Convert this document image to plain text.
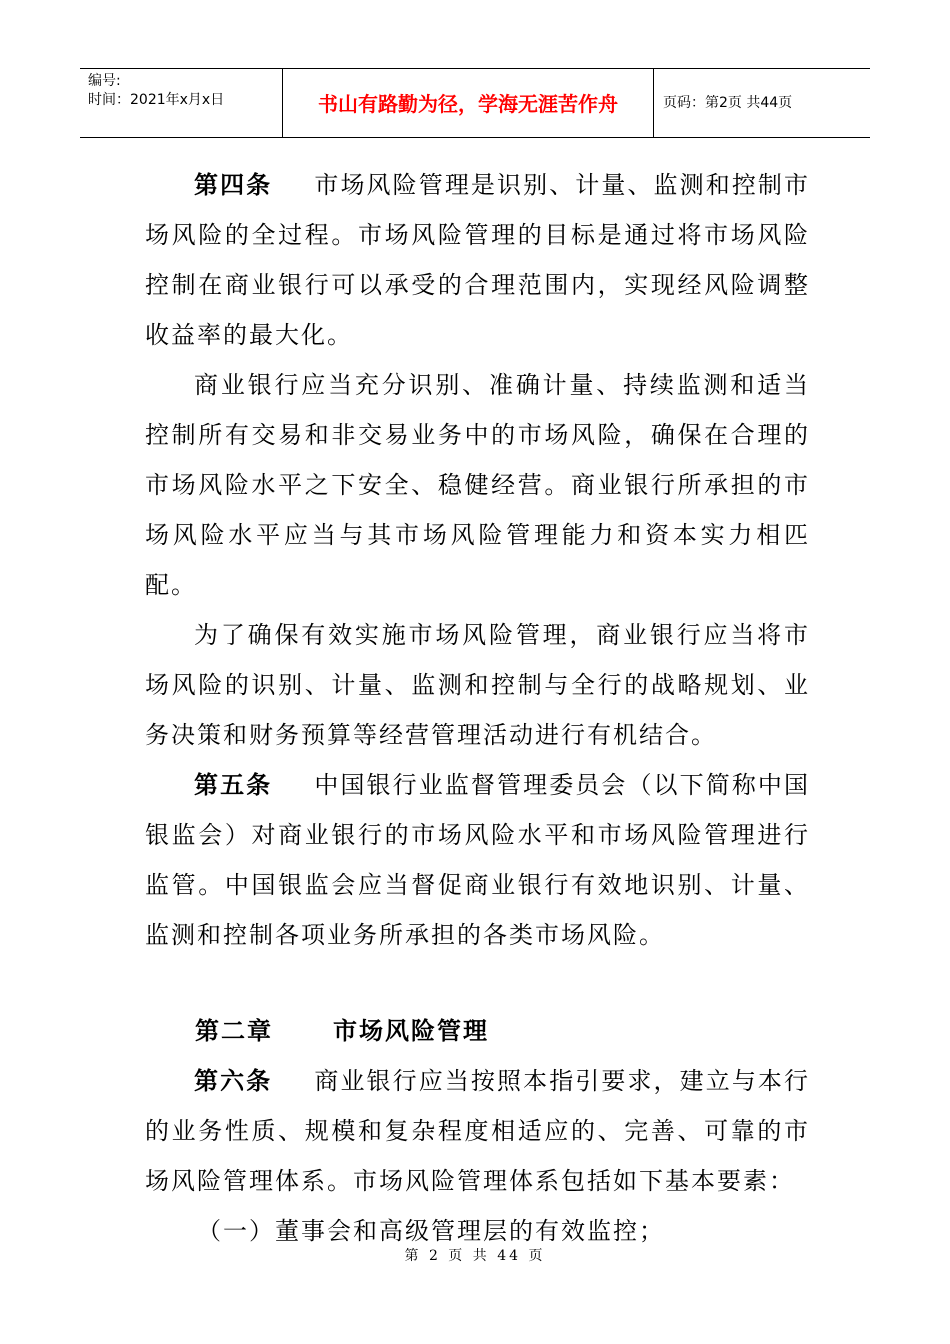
编号:
时间：2021年x月x日	书山有路勤为径，学海无涯苦作舟	页码：第2页 共44页

第四条 市场风险管理是识别、计量、监测和控制市场风险的全过程。市场风险管理的目标是通过将市场风险控制在商业银行可以承受的合理范围内，实现经风险调整收益率的最大化。

商业银行应当充分识别、准确计量、持续监测和适当控制所有交易和非交易业务中的市场风险，确保在合理的市场风险水平之下安全、稳健经营。商业银行所承担的市场风险水平应当与其市场风险管理能力和资本实力相匹配。

为了确保有效实施市场风险管理，商业银行应当将市场风险的识别、计量、监测和控制与全行的战略规划、业务决策和财务预算等经营管理活动进行有机结合。

第五条 中国银行业监督管理委员会（以下简称中国银监会）对商业银行的市场风险水平和市场风险管理进行监管。中国银监会应当督促商业银行有效地识别、计量、监测和控制各项业务所承担的各类市场风险。

第二章	市场风险管理

第六条 商业银行应当按照本指引要求，建立与本行的业务性质、规模和复杂程度相适应的、完善、可靠的市场风险管理体系。市场风险管理体系包括如下基本要素：

（一）董事会和高级管理层的有效监控；

第 2 页 共 44 页
